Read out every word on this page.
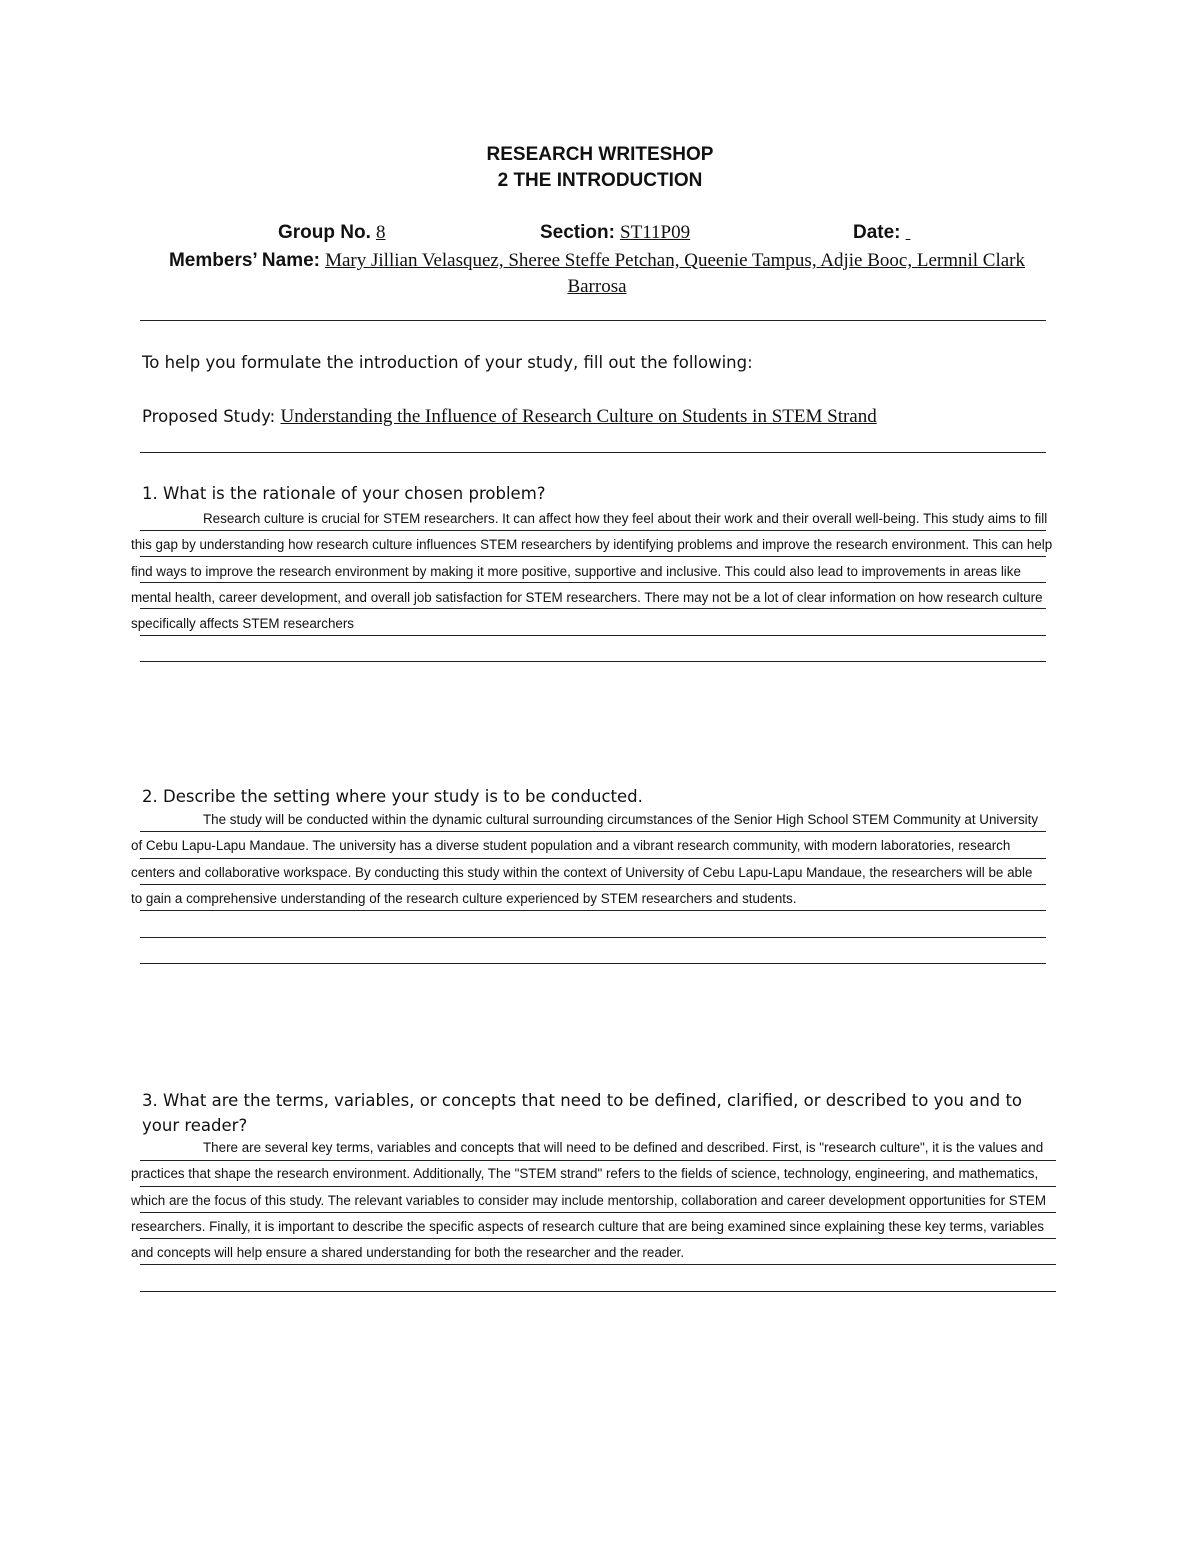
RESEARCH WRITESHOP
2 THE INTRODUCTION
Group No. 8	Section: ST11P09	Date:
Members’ Name: Mary Jillian Velasquez, Sheree Steffe Petchan, Queenie Tampus, Adjie Booc, Lermnil Clark Barrosa
To help you formulate the introduction of your study, fill out the following:
Proposed Study: Understanding the Influence of Research Culture on Students in STEM Strand
1. What is the rationale of your chosen problem?
Research culture is crucial for STEM researchers. It can affect how they feel about their work and their overall well-being. This study aims to fill this gap by understanding how research culture influences STEM researchers by identifying problems and improve the research environment. This can help find ways to improve the research environment by making it more positive, supportive and inclusive. This could also lead to improvements in areas like mental health, career development, and overall job satisfaction for STEM researchers. There may not be a lot of clear information on how research culture specifically affects STEM researchers
2. Describe the setting where your study is to be conducted.
The study will be conducted within the dynamic cultural surrounding circumstances of the Senior High School STEM Community at University of Cebu Lapu-Lapu Mandaue. The university has a diverse student population and a vibrant research community, with modern laboratories, research centers and collaborative workspace. By conducting this study within the context of University of Cebu Lapu-Lapu Mandaue, the researchers will be able to gain a comprehensive understanding of the research culture experienced by STEM researchers and students.
3. What are the terms, variables, or concepts that need to be defined, clarified, or described to you and to your reader?
There are several key terms, variables and concepts that will need to be defined and described. First, is "research culture", it is the values and practices that shape the research environment. Additionally, The "STEM strand" refers to the fields of science, technology, engineering, and mathematics, which are the focus of this study. The relevant variables to consider may include mentorship, collaboration and career development opportunities for STEM researchers. Finally, it is important to describe the specific aspects of research culture that are being examined since explaining these key terms, variables and concepts will help ensure a shared understanding for both the researcher and the reader.
